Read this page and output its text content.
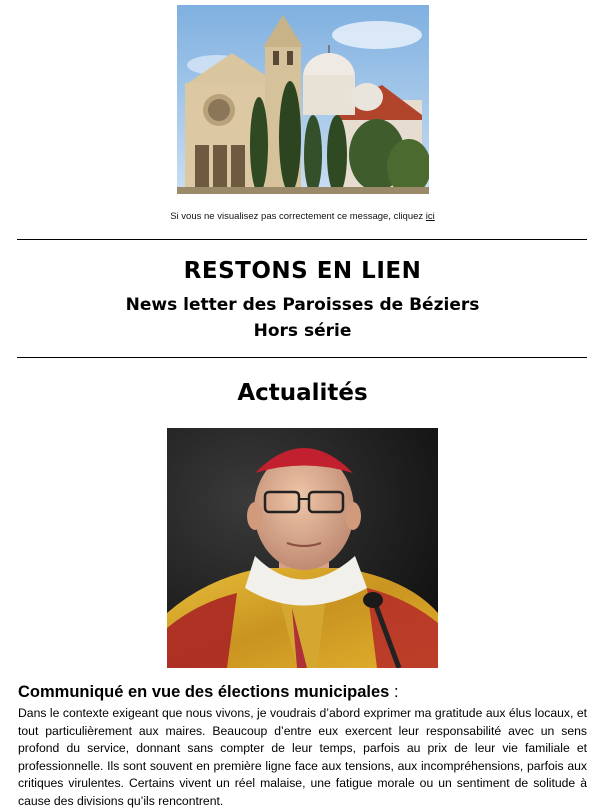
Si vous ne visualisez pas correctement ce message, cliquez ici
RESTONS EN LIEN
News letter des Paroisses de Béziers
Hors série
Actualités
Communiqué en vue des élections municipales :
Dans le contexte exigeant que nous vivons, je voudrais d’abord exprimer ma gratitude aux élus locaux, et tout particulièrement aux maires. Beaucoup d’entre eux exercent leur responsabilité avec un sens profond du service, donnant sans compter de leur temps, parfois au prix de leur vie familiale et professionnelle. Ils sont souvent en première ligne face aux tensions, aux incompréhensions, parfois aux critiques virulentes. Certains vivent un réel malaise, une fatigue morale ou un sentiment de solitude à cause des divisions qu’ils rencontrent.
